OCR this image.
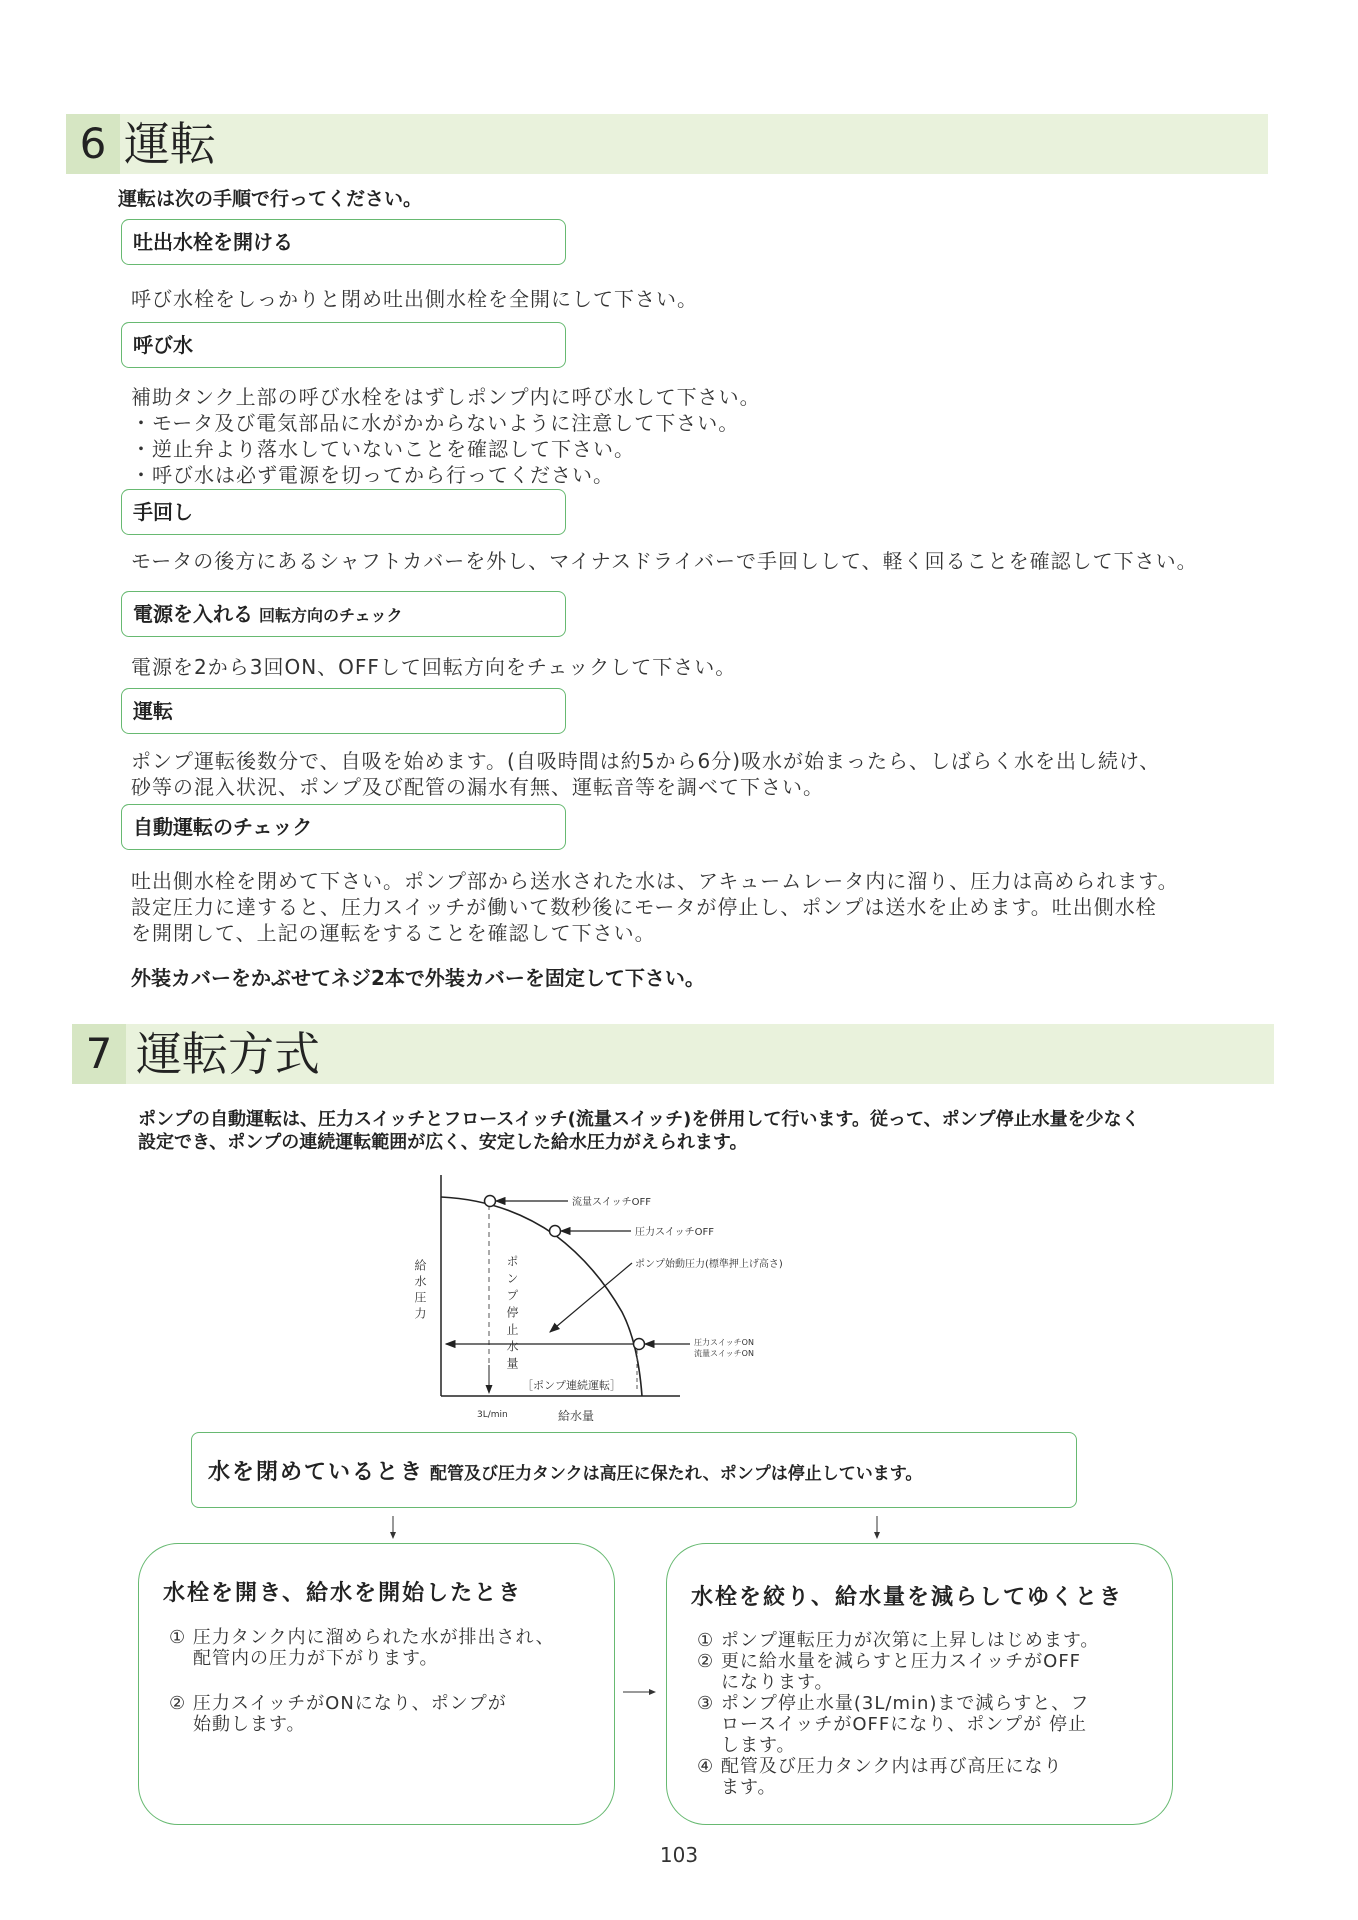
6 運転
運転は次の手順で行ってください。
吐出水栓を開ける
呼び水栓をしっかりと閉め吐出側水栓を全開にして下さい。
呼び水
補助タンク上部の呼び水栓をはずしポンプ内に呼び水して下さい。
・モータ及び電気部品に水がかからないように注意して下さい。
・逆止弁より落水していないことを確認して下さい。
・呼び水は必ず電源を切ってから行ってください。
手回し
モータの後方にあるシャフトカバーを外し、マイナスドライバーで手回しして、軽く回ることを確認して下さい。
電源を入れる 回転方向のチェック
電源を2から3回ON、OFFして回転方向をチェックして下さい。
運転
ポンプ運転後数分で、自吸を始めます。(自吸時間は約5から6分)吸水が始まったら、しばらく水を出し続け、
砂等の混入状況、ポンプ及び配管の漏水有無、運転音等を調べて下さい。
自動運転のチェック
吐出側水栓を閉めて下さい。ポンプ部から送水された水は、アキュームレータ内に溜り、圧力は高められます。
設定圧力に達すると、圧力スイッチが働いて数秒後にモータが停止し、ポンプは送水を止めます。吐出側水栓
を開閉して、上記の運転をすることを確認して下さい。
外装カバーをかぶせてネジ2本で外装カバーを固定して下さい。
7 運転方式
ポンプの自動運転は、圧力スイッチとフロースイッチ(流量スイッチ)を併用して行います。従って、ポンプ停止水量を少なく
設定でき、ポンプの連続運転範囲が広く、安定した給水圧力がえられます。
流量スイッチOFF
圧力スイッチOFF
ポンプ始動圧力(標準押上げ高さ)
圧力スイッチON
流量スイッチON
［ポンプ連続運転］
3L/min	給水量
給水圧力	ポンプ停止水量
水を閉めているとき 配管及び圧力タンクは高圧に保たれ、ポンプは停止しています。
水栓を開き、給水を開始したとき
① 圧力タンク内に溜められた水が排出され、
配管内の圧力が下がります。
② 圧力スイッチがONになり、ポンプが
始動します。
水栓を絞り、給水量を減らしてゆくとき
① ポンプ運転圧力が次第に上昇しはじめます。
② 更に給水量を減らすと圧力スイッチがOFF
になります。
③ ポンプ停止水量(3L/min)まで減らすと、フ
ロースイッチがOFFになり、ポンプが 停止
します。
④ 配管及び圧力タンク内は再び高圧になり
ます。
103
